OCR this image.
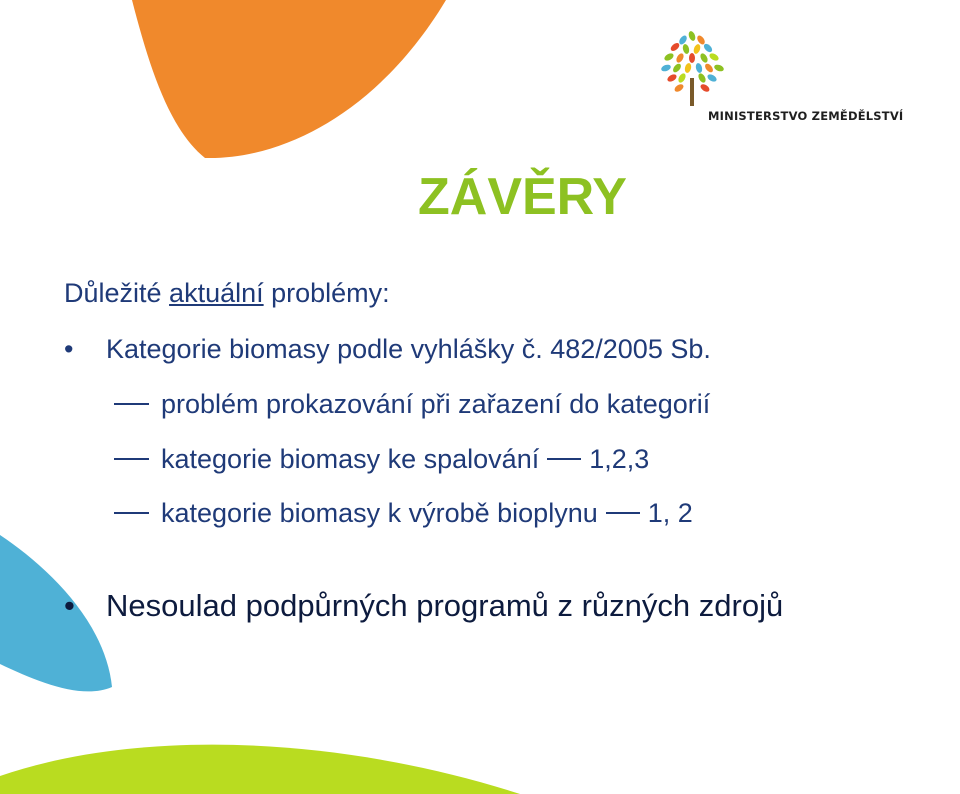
MINISTERSTVO ZEMĚDĚLSTVÍ
ZÁVĚRY
Důležité aktuální problémy:
• Kategorie biomasy podle vyhlášky č. 482/2005 Sb.
problém prokazování při zařazení do kategorií
kategorie biomasy ke spalování 1,2,3
kategorie biomasy k výrobě bioplynu 1, 2
• Nesoulad podpůrných programů z různých zdrojů
